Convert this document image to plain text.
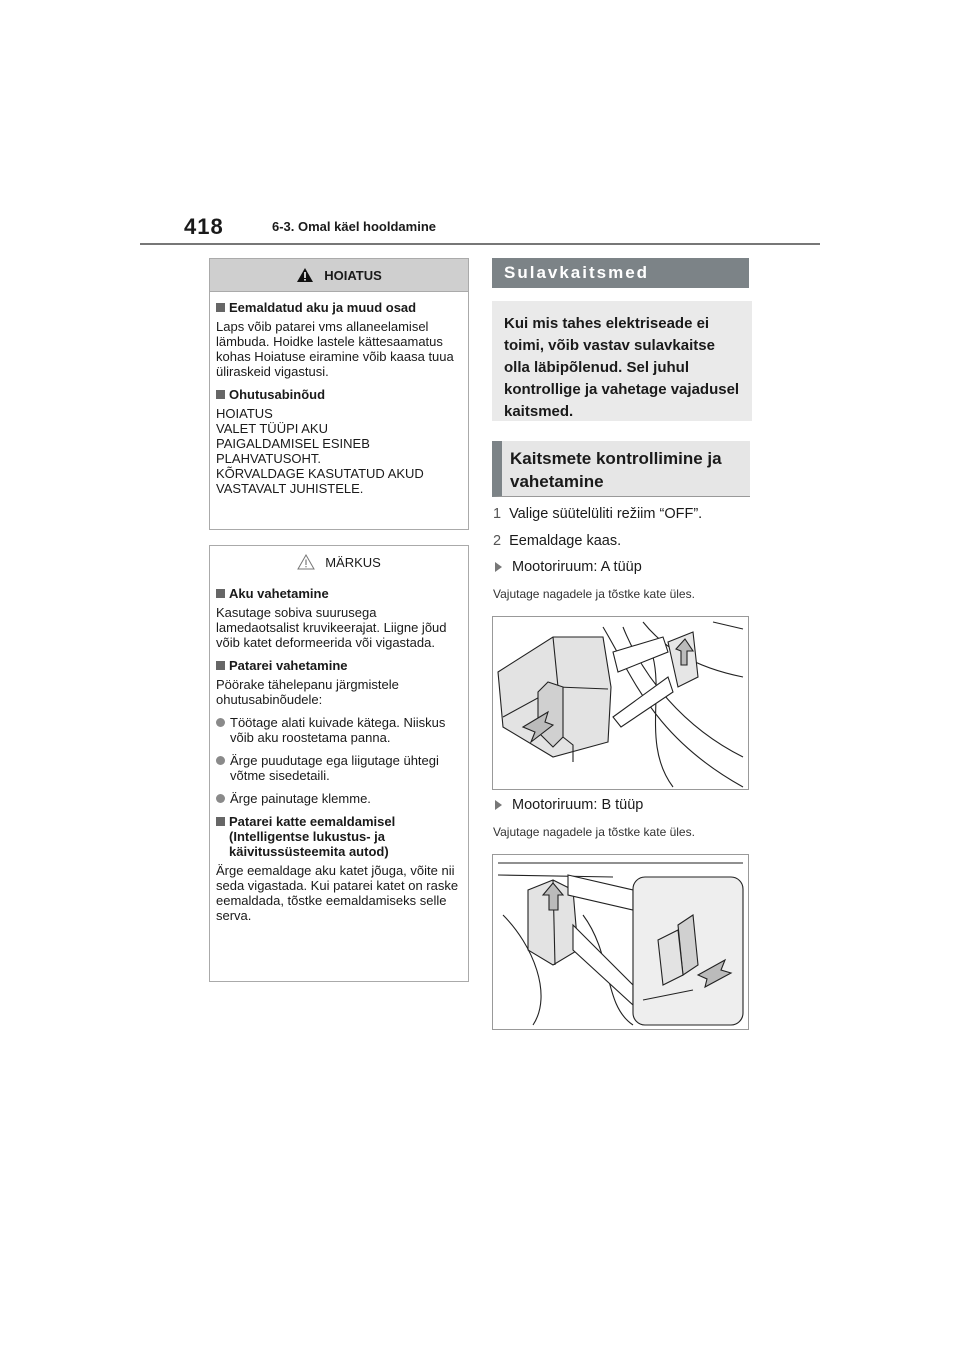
418	6-3. Omal käel hooldamine
HOIATUS
Eemaldatud aku ja muud osad
Laps võib patarei vms allaneelamisel lämbuda. Hoidke lastele kättesaamatus kohas Hoiatuse eiramine võib kaasa tuua üliraskeid vigastusi.
Ohutusabinõud
HOIATUS
VALET TÜÜPI AKU
PAIGALDAMISEL ESINEB
PLAHVATUSOHT.
KÕRVALDAGE KASUTATUD AKUD
VASTAVALT JUHISTELE.
MÄRKUS
Aku vahetamine
Kasutage sobiva suurusega lamedaotsalist kruvikeerajat. Liigne jõud võib katet deformeerida või vigastada.
Patarei vahetamine
Pöörake tähelepanu järgmistele ohutusabinõudele:
Töötage alati kuivade kätega. Niiskus võib aku roostetama panna.
Ärge puudutage ega liigutage ühtegi võtme sisedetaili.
Ärge painutage klemme.
Patarei katte eemaldamisel (Intelligentse lukustus- ja käivitussüsteemita autod)
Ärge eemaldage aku katet jõuga, võite nii seda vigastada. Kui patarei katet on raske eemaldada, tõstke eemaldamiseks selle serva.
Sulavkaitsmed
Kui mis tahes elektriseade ei toimi, võib vastav sulavkaitse olla läbipõlenud. Sel juhul kontrollige ja vahetage vajadusel kaitsmed.
Kaitsmete kontrollimine ja vahetamine
1 Valige süütelüliti režiim “OFF”.
2 Eemaldage kaas.
Mootoriruum: A tüüp
Vajutage nagadele ja tõstke kate üles.
Mootoriruum: B tüüp
Vajutage nagadele ja tõstke kate üles.
